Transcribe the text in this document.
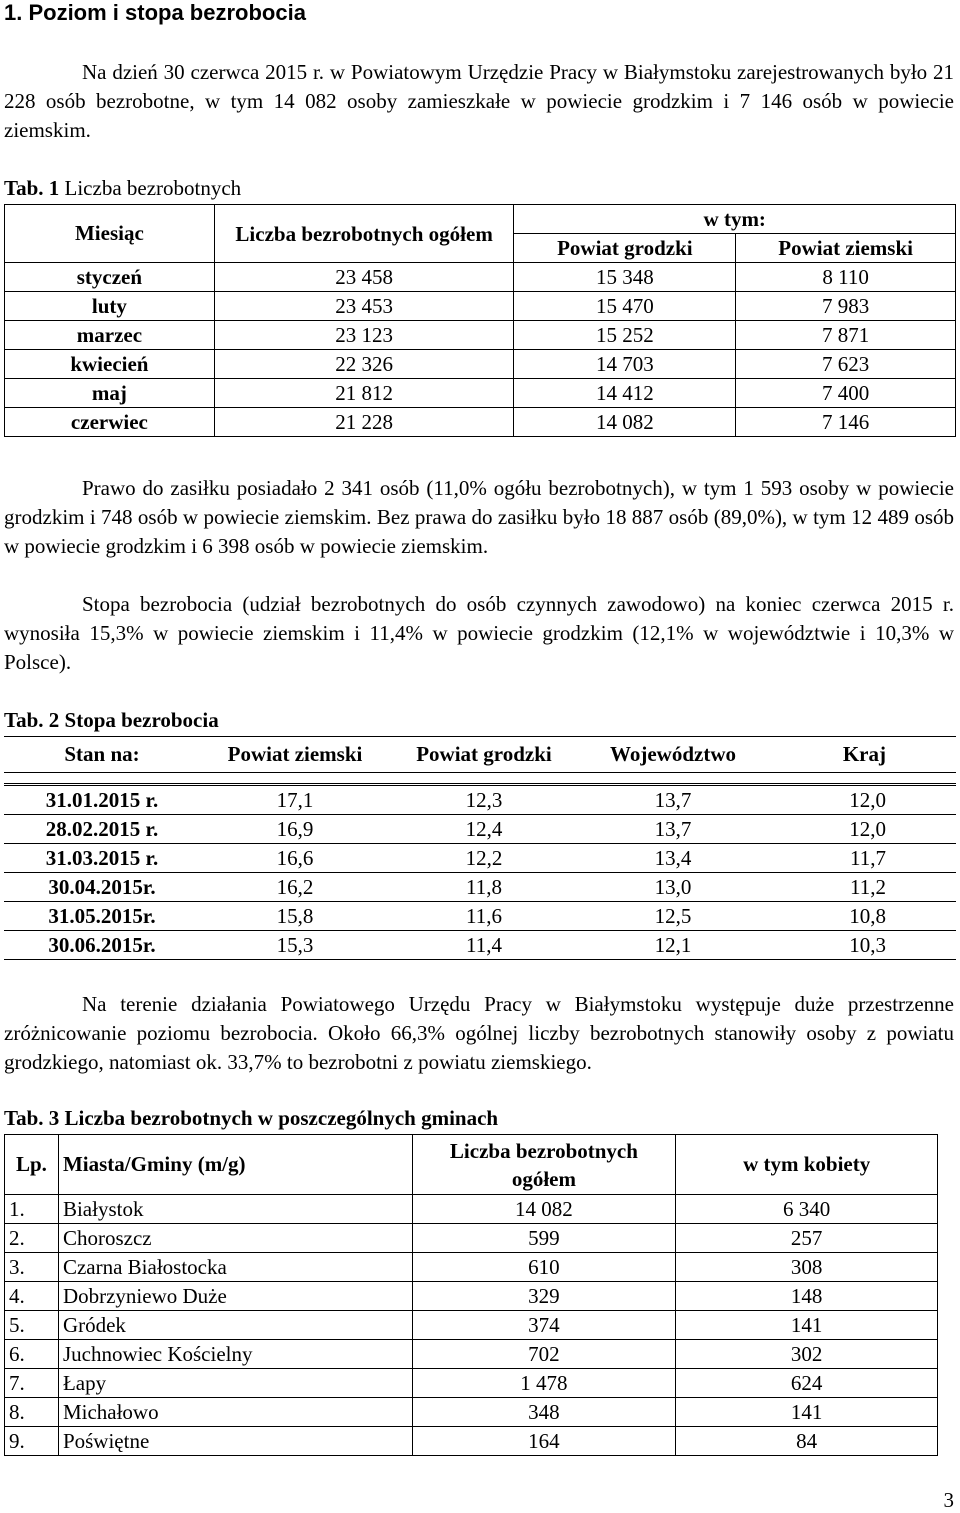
1. Poziom i stopa bezrobocia
Na dzień 30 czerwca 2015 r. w Powiatowym Urzędzie Pracy w Białymstoku zarejestrowanych było 21 228 osób bezrobotne, w tym 14 082 osoby zamieszkałe w powiecie grodzkim i 7 146 osób w powiecie ziemskim.
Tab. 1 Liczba bezrobotnych
Miesiąc	Liczba bezrobotnych ogółem	w tym:	
		Powiat grodzki	Powiat ziemski
styczeń	23 458	15 348	8 110
luty	23 453	15 470	7 983
marzec	23 123	15 252	7 871
kwiecień	22 326	14 703	7 623
maj	21 812	14 412	7 400
czerwiec	21 228	14 082	7 146
Prawo do zasiłku posiadało 2 341 osób (11,0% ogółu bezrobotnych), w tym 1 593 osoby w powiecie grodzkim i 748 osób w powiecie ziemskim. Bez prawa do zasiłku było 18 887 osób (89,0%), w tym 12 489 osób w powiecie grodzkim i 6 398 osób w powiecie ziemskim.
Stopa bezrobocia (udział bezrobotnych do osób czynnych zawodowo) na koniec czerwca 2015 r. wynosiła 15,3% w powiecie ziemskim i 11,4% w powiecie grodzkim (12,1% w województwie i 10,3% w Polsce).
Tab. 2 Stopa bezrobocia
Stan na:	Powiat ziemski	Powiat grodzki	Województwo	Kraj

31.01.2015 r.	17,1	12,3	13,7	12,0
28.02.2015 r.	16,9	12,4	13,7	12,0
31.03.2015 r.	16,6	12,2	13,4	11,7
30.04.2015r.	16,2	11,8	13,0	11,2
31.05.2015r.	15,8	11,6	12,5	10,8
30.06.2015r.	15,3	11,4	12,1	10,3
Na terenie działania Powiatowego Urzędu Pracy w Białymstoku występuje duże przestrzenne zróżnicowanie poziomu bezrobocia. Około 66,3% ogólnej liczby bezrobotnych stanowiły osoby z powiatu grodzkiego, natomiast ok. 33,7% to bezrobotni z powiatu ziemskiego.
Tab. 3 Liczba bezrobotnych w poszczególnych gminach
Lp.	Miasta/Gminy (m/g)	Liczba bezrobotnych ogółem	w tym kobiety
1.	Białystok	14 082	6 340
2.	Choroszcz	599	257
3.	Czarna Białostocka	610	308
4.	Dobrzyniewo Duże	329	148
5.	Gródek	374	141
6.	Juchnowiec Kościelny	702	302
7.	Łapy	1 478	624
8.	Michałowo	348	141
9.	Poświętne	164	84
3
